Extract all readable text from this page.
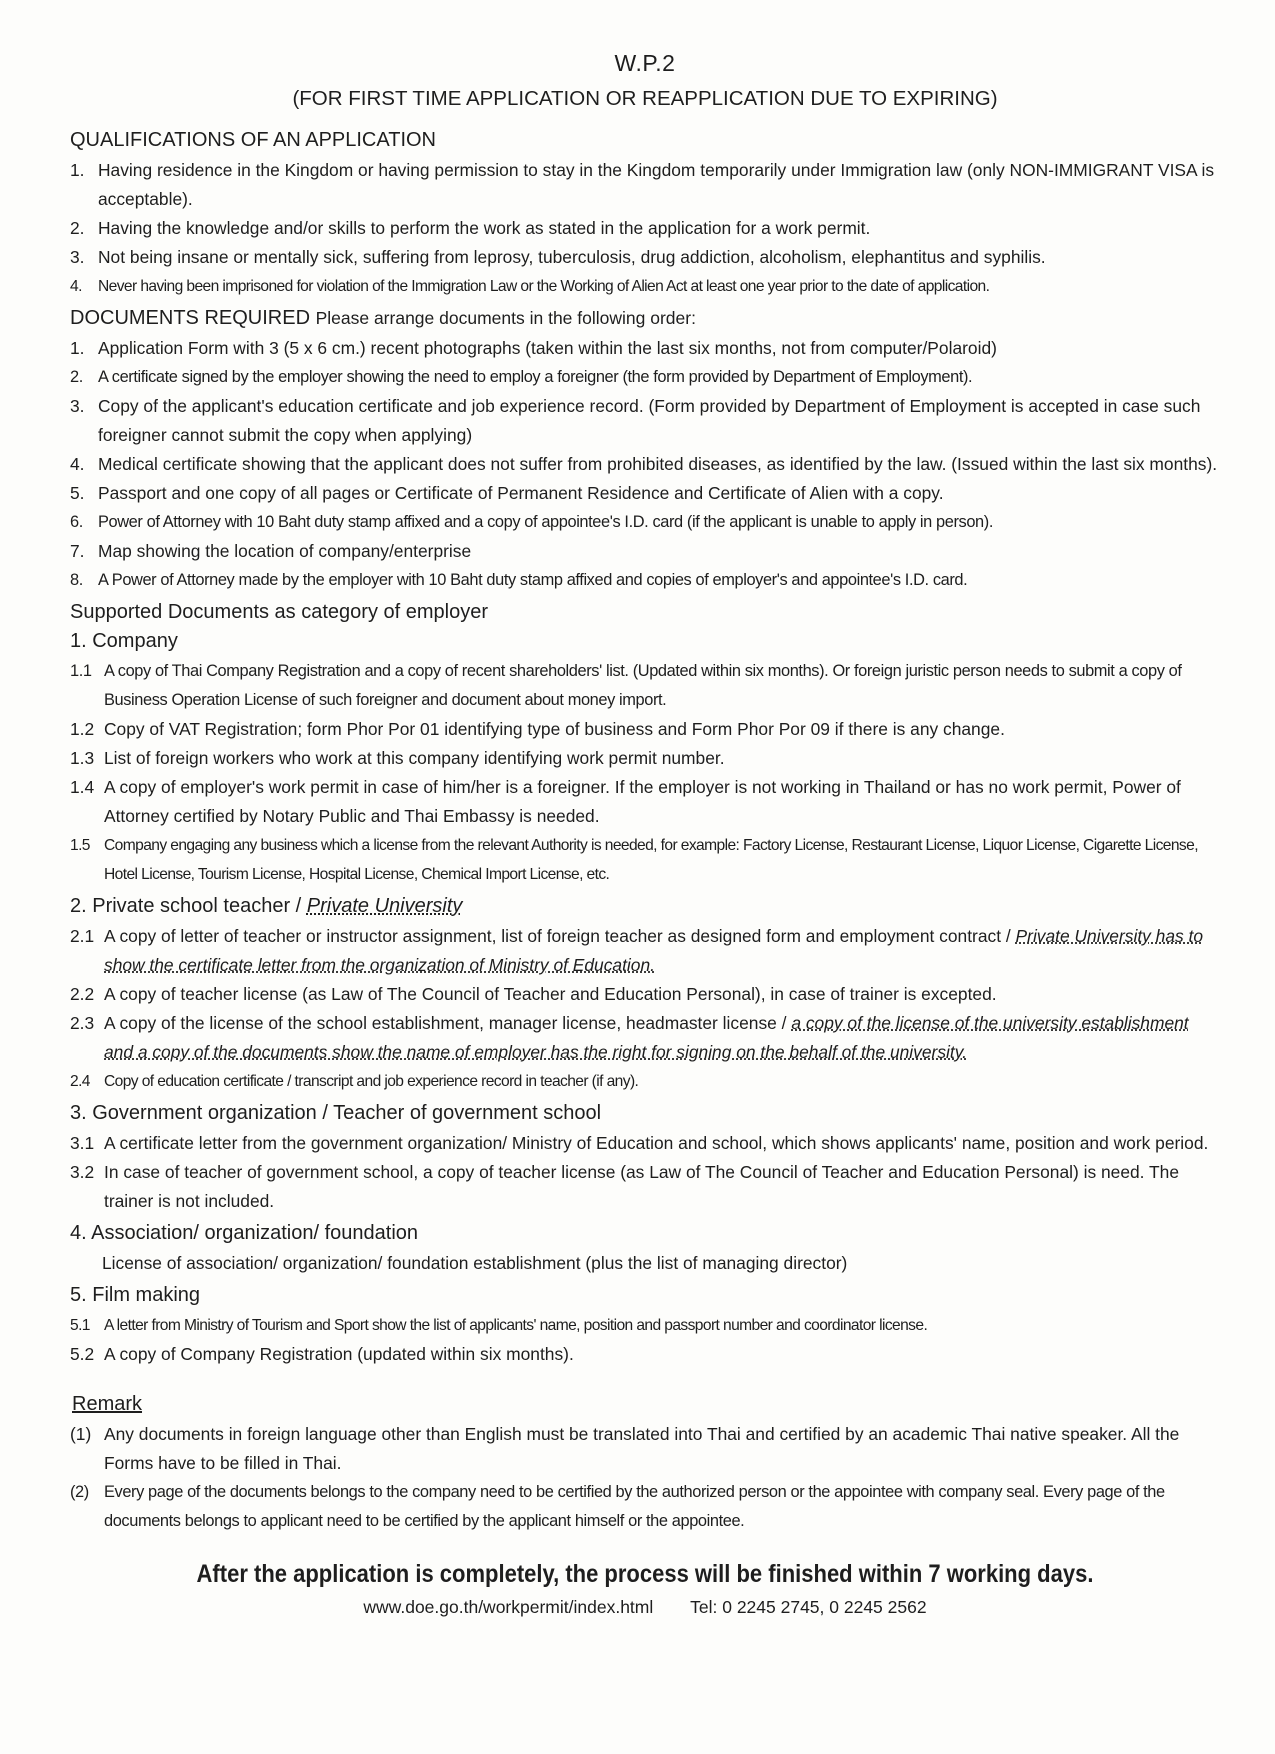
W.P.2
(FOR FIRST TIME APPLICATION OR REAPPLICATION DUE TO EXPIRING)
QUALIFICATIONS OF AN APPLICATION
1. Having residence in the Kingdom or having permission to stay in the Kingdom temporarily under Immigration law (only NON-IMMIGRANT VISA is acceptable).
2. Having the knowledge and/or skills to perform the work as stated in the application for a work permit.
3. Not being insane or mentally sick, suffering from leprosy, tuberculosis, drug addiction, alcoholism, elephantitus and syphilis.
4.	Never having been imprisoned for violation of the Immigration Law or the Working of Alien Act at least one year prior to the date of application.
DOCUMENTS REQUIRED Please arrange documents in the following order:
1. Application Form with 3 (5 x 6 cm.) recent photographs (taken within the last six months, not from computer/Polaroid)
2. A certificate signed by the employer showing the need to employ a foreigner (the form provided by Department of Employment).
3. Copy of the applicant's education certificate and job experience record. (Form provided by Department of Employment is accepted in case such foreigner cannot submit the copy when applying)
4. Medical certificate showing that the applicant does not suffer from prohibited diseases, as identified by the law. (Issued within the last six months).
5. Passport and one copy of all pages or Certificate of Permanent Residence and Certificate of Alien with a copy.
6. Power of Attorney with 10 Baht duty stamp affixed and a copy of appointee's I.D. card (if the applicant is unable to apply in person).
7. Map showing the location of company/enterprise
8. A Power of Attorney made by the employer with 10 Baht duty stamp affixed and copies of employer's and appointee's I.D. card.
Supported Documents as category of employer
1. Company
1.1 A copy of Thai Company Registration and a copy of recent shareholders' list. (Updated within six months). Or foreign juristic person needs to submit a copy of Business Operation License of such foreigner and document about money import.
1.2 Copy of VAT Registration; form Phor Por 01 identifying type of business and Form Phor Por 09 if there is any change.
1.3 List of foreign workers who work at this company identifying work permit number.
1.4 A copy of employer's work permit in case of him/her is a foreigner. If the employer is not working in Thailand or has no work permit, Power of Attorney certified by Notary Public and Thai Embassy is needed.
1.5 Company engaging any business which a license from the relevant Authority is needed, for example: Factory License, Restaurant License, Liquor License, Cigarette License, Hotel License, Tourism License, Hospital License, Chemical Import License, etc.
2. Private school teacher / Private University
2.1 A copy of letter of teacher or instructor assignment, list of foreign teacher as designed form and employment contract / Private University has to show the certificate letter from the organization of Ministry of Education.
2.2 A copy of teacher license (as Law of The Council of Teacher and Education Personal), in case of trainer is excepted.
2.3 A copy of the license of the school establishment, manager license, headmaster license / a copy of the license of the university establishment and a copy of the documents show the name of employer has the right for signing on the behalf of the university.
2.4 Copy of education certificate / transcript and job experience record in teacher (if any).
3. Government organization / Teacher of government school
3.1 A certificate letter from the government organization/ Ministry of Education and school, which shows applicants' name, position and work period.
3.2 In case of teacher of government school, a copy of teacher license (as Law of The Council of Teacher and Education Personal) is need. The trainer is not included.
4. Association/ organization/ foundation
License of association/ organization/ foundation establishment (plus the list of managing director)
5. Film making
5.1 A letter from Ministry of Tourism and Sport show the list of applicants' name, position and passport number and coordinator license.
5.2 A copy of Company Registration (updated within six months).
Remark
(1) Any documents in foreign language other than English must be translated into Thai and certified by an academic Thai native speaker. All the Forms have to be filled in Thai.
(2) Every page of the documents belongs to the company need to be certified by the authorized person or the appointee with company seal. Every page of the documents belongs to applicant need to be certified by the applicant himself or the appointee.
After the application is completely, the process will be finished within 7 working days.
www.doe.go.th/workpermit/index.html Tel: 0 2245 2745, 0 2245 2562
